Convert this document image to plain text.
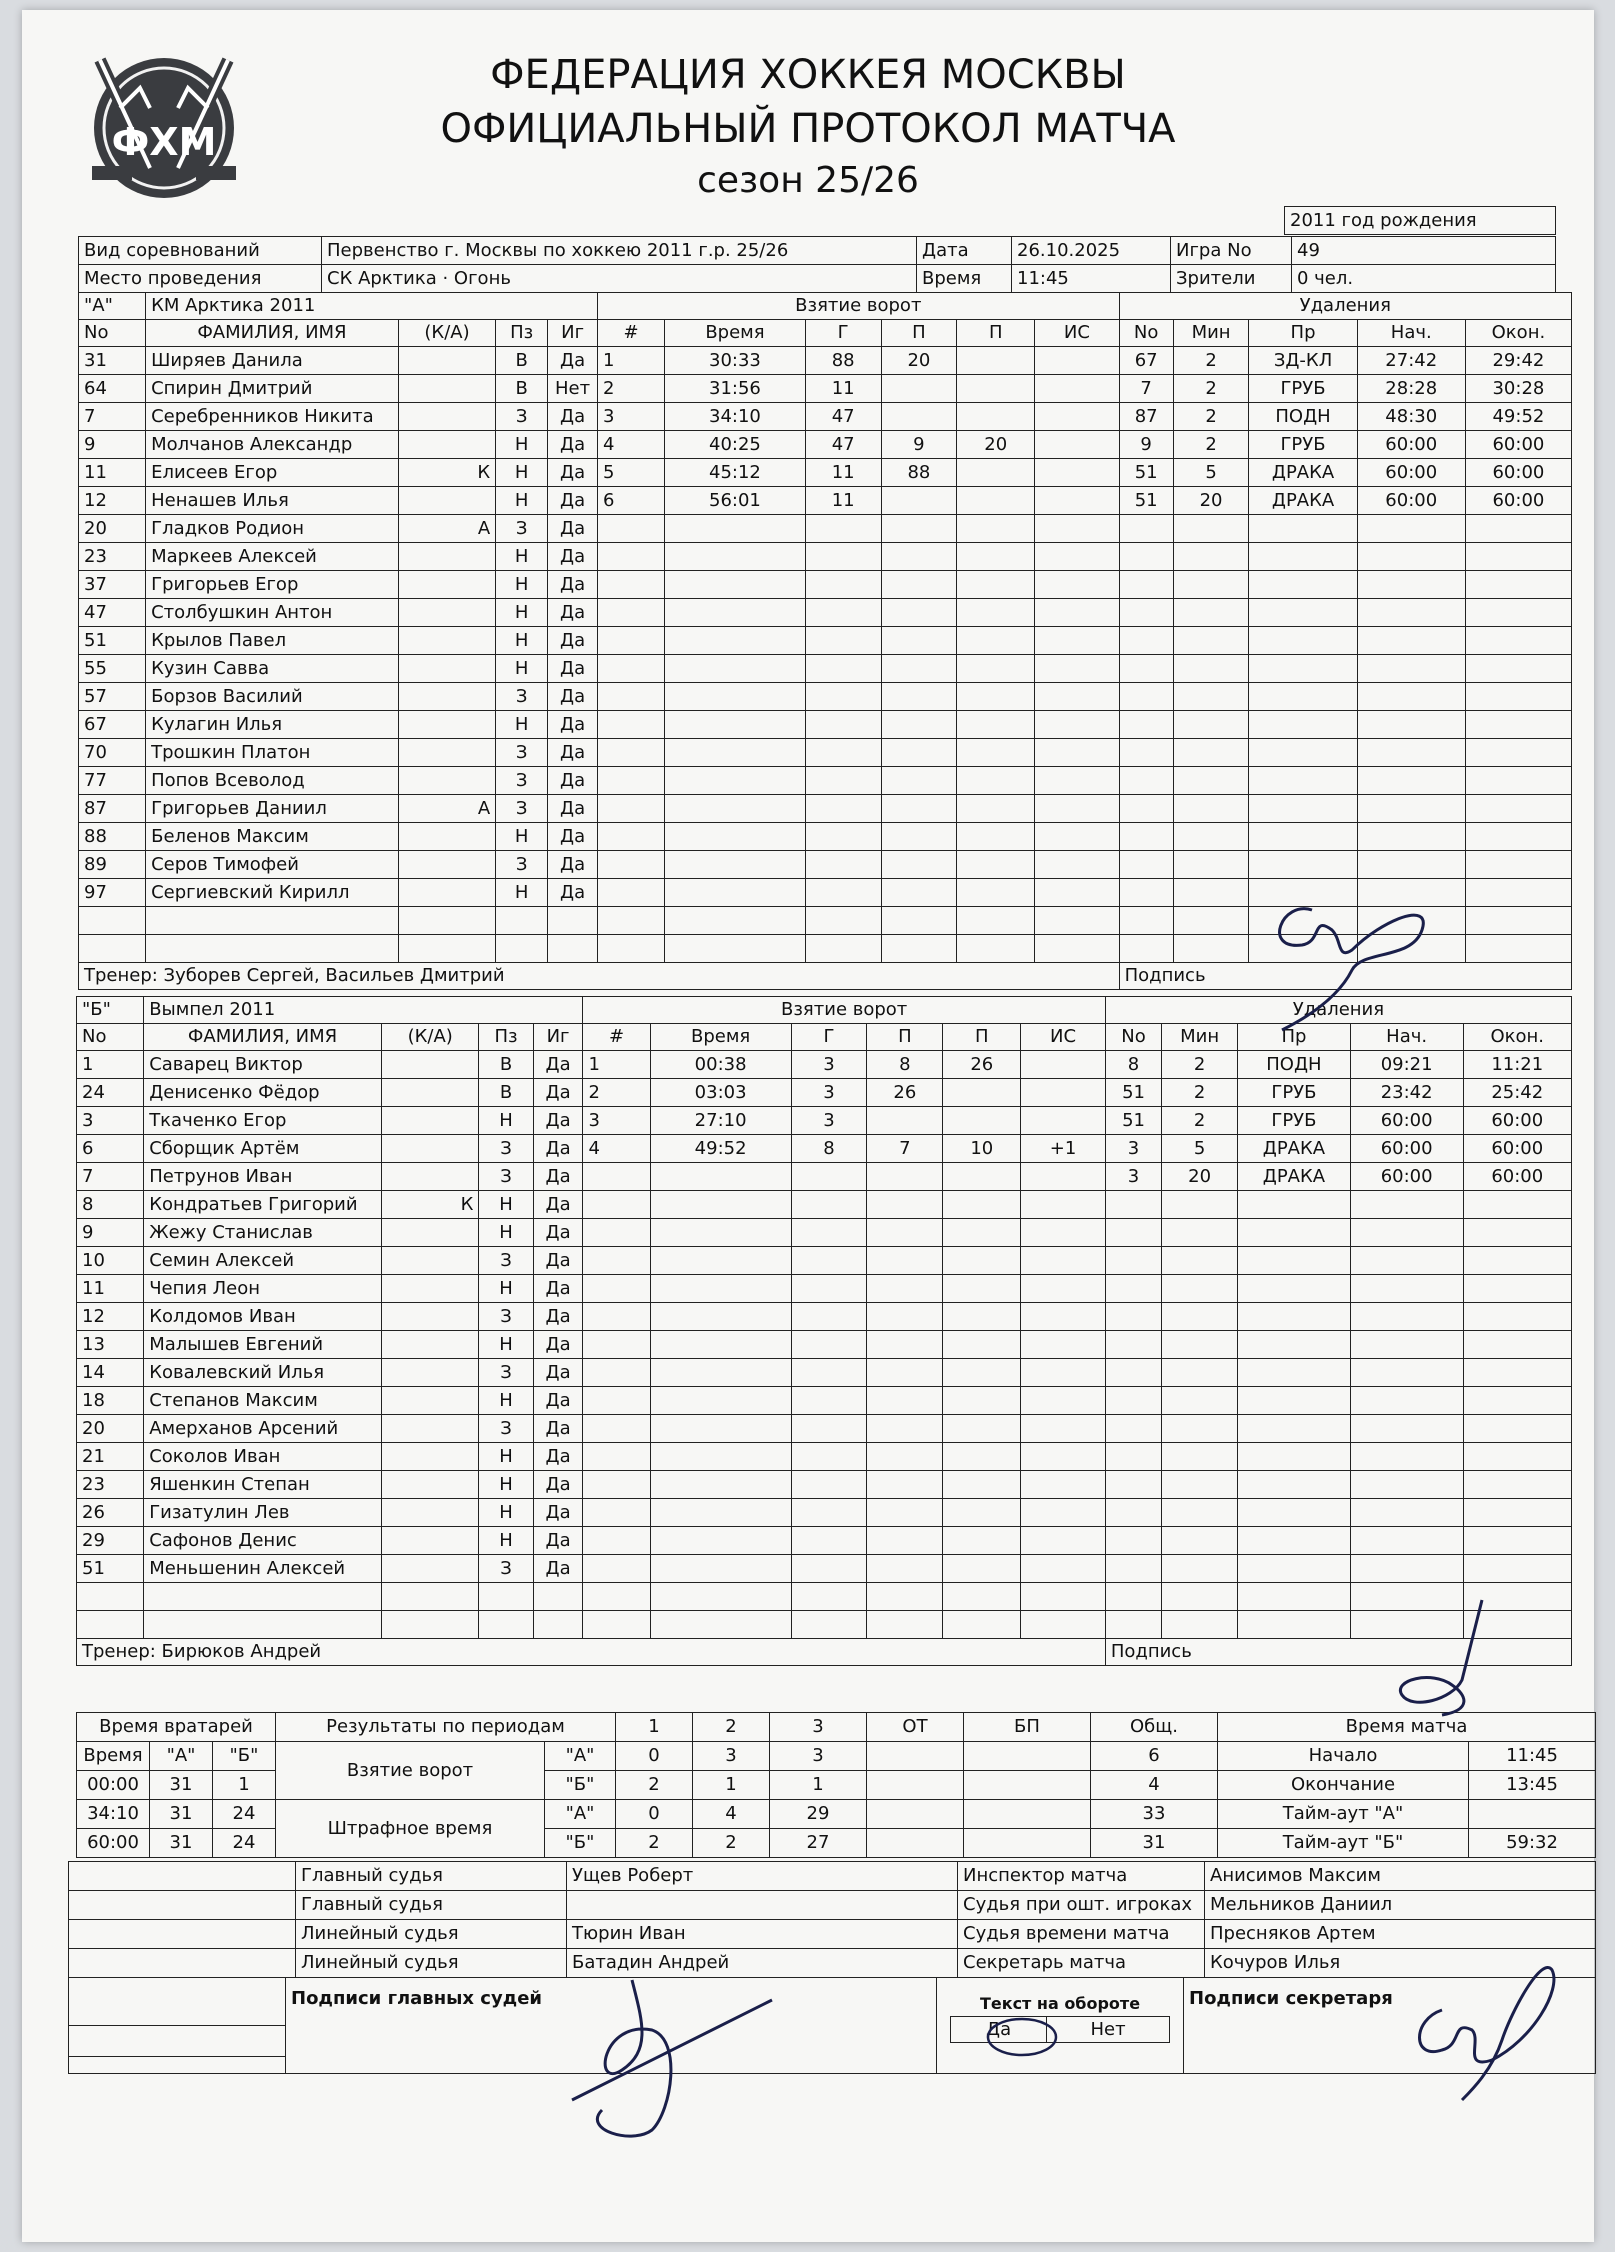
ФХМ
ФЕДЕРАЦИЯ ХОККЕЯ МОСКВЫ
ОФИЦИАЛЬНЫЙ ПРОТОКОЛ МАТЧА
сезон 25/26
2011 год рождения
Вид соревнований	Первенство г. Москвы по хоккею 2011 г.р. 25/26	Дата	26.10.2025	Игра No	49
Место проведения	СК Арктика · Огонь	Время	11:45	Зрители	0 чел.
"А"	КМ Арктика 2011				Взятие ворот						Удаления				
No	ФАМИЛИЯ, ИМЯ	(К/А)	Пз	Иг	#	Время	Г	П	П	ИС	No	Мин	Пр	Нач.	Окон.
31	Ширяев Данила		В	Да	1	30:33	88	20			67	2	ЗД-КЛ	27:42	29:42
64	Спирин Дмитрий		В	Нет	2	31:56	11				7	2	ГРУБ	28:28	30:28
7	Серебренников Никита		З	Да	3	34:10	47				87	2	ПОДН	48:30	49:52
9	Молчанов Александр		Н	Да	4	40:25	47	9	20		9	2	ГРУБ	60:00	60:00
11	Елисеев Егор	К	Н	Да	5	45:12	11	88			51	5	ДРАКА	60:00	60:00
12	Ненашев Илья		Н	Да	6	56:01	11				51	20	ДРАКА	60:00	60:00
20	Гладков Родион	А	З	Да											
23	Маркеев Алексей		Н	Да											
37	Григорьев Егор		Н	Да											
47	Столбушкин Антон		Н	Да											
51	Крылов Павел		Н	Да											
55	Кузин Савва		Н	Да											
57	Борзов Василий		З	Да											
67	Кулагин Илья		Н	Да											
70	Трошкин Платон		З	Да											
77	Попов Всеволод		З	Да											
87	Григорьев Даниил	А	З	Да											
88	Беленов Максим		Н	Да											
89	Серов Тимофей		З	Да											
97	Сергиевский Кирилл		Н	Да											

Тренер: Зуборев Сергей, Васильев Дмитрий											Подпись				
"Б"	Вымпел 2011				Взятие ворот						Удаления				
No	ФАМИЛИЯ, ИМЯ	(К/А)	Пз	Иг	#	Время	Г	П	П	ИС	No	Мин	Пр	Нач.	Окон.
1	Саварец Виктор		В	Да	1	00:38	3	8	26		8	2	ПОДН	09:21	11:21
24	Денисенко Фёдор		В	Да	2	03:03	3	26			51	2	ГРУБ	23:42	25:42
3	Ткаченко Егор		Н	Да	3	27:10	3				51	2	ГРУБ	60:00	60:00
6	Сборщик Артём		З	Да	4	49:52	8	7	10	+1	3	5	ДРАКА	60:00	60:00
7	Петрунов Иван		З	Да							3	20	ДРАКА	60:00	60:00
8	Кондратьев Григорий	К	Н	Да											
9	Жежу Станислав		Н	Да											
10	Семин Алексей		З	Да											
11	Чепия Леон		Н	Да											
12	Колдомов Иван		З	Да											
13	Малышев Евгений		Н	Да											
14	Ковалевский Илья		З	Да											
18	Степанов Максим		Н	Да											
20	Амерханов Арсений		З	Да											
21	Соколов Иван		Н	Да											
23	Яшенкин Степан		Н	Да											
26	Гизатулин Лев		Н	Да											
29	Сафонов Денис		Н	Да											
51	Меньшенин Алексей		З	Да											

Тренер: Бирюков Андрей											Подпись				
Время вратарей			Результаты по периодам		1	2	3	ОТ	БП	Общ.	Время матча	
Время	"А"	"Б"	Взятие ворот	"А"	0	3	3			6	Начало	11:45
00:00	31	1		"Б"	2	1	1			4	Окончание	13:45
34:10	31	24	Штрафное время	"А"	0	4	29			33	Тайм-аут "А"	
60:00	31	24		"Б"	2	2	27			31	Тайм-аут "Б"	59:32
	Главный судья	Ущев Роберт	Инспектор матча	Анисимов Максим
	Главный судья		Судья при ошт. игроках	Мельников Даниил
	Линейный судья	Тюрин Иван	Судья времени матча	Пресняков Артем
	Линейный судья	Батадин Андрей	Секретарь матча	Кочуров Илья
	Подписи главных судей	Текст на обороте
Да	Нет
	Подписи секретаря
